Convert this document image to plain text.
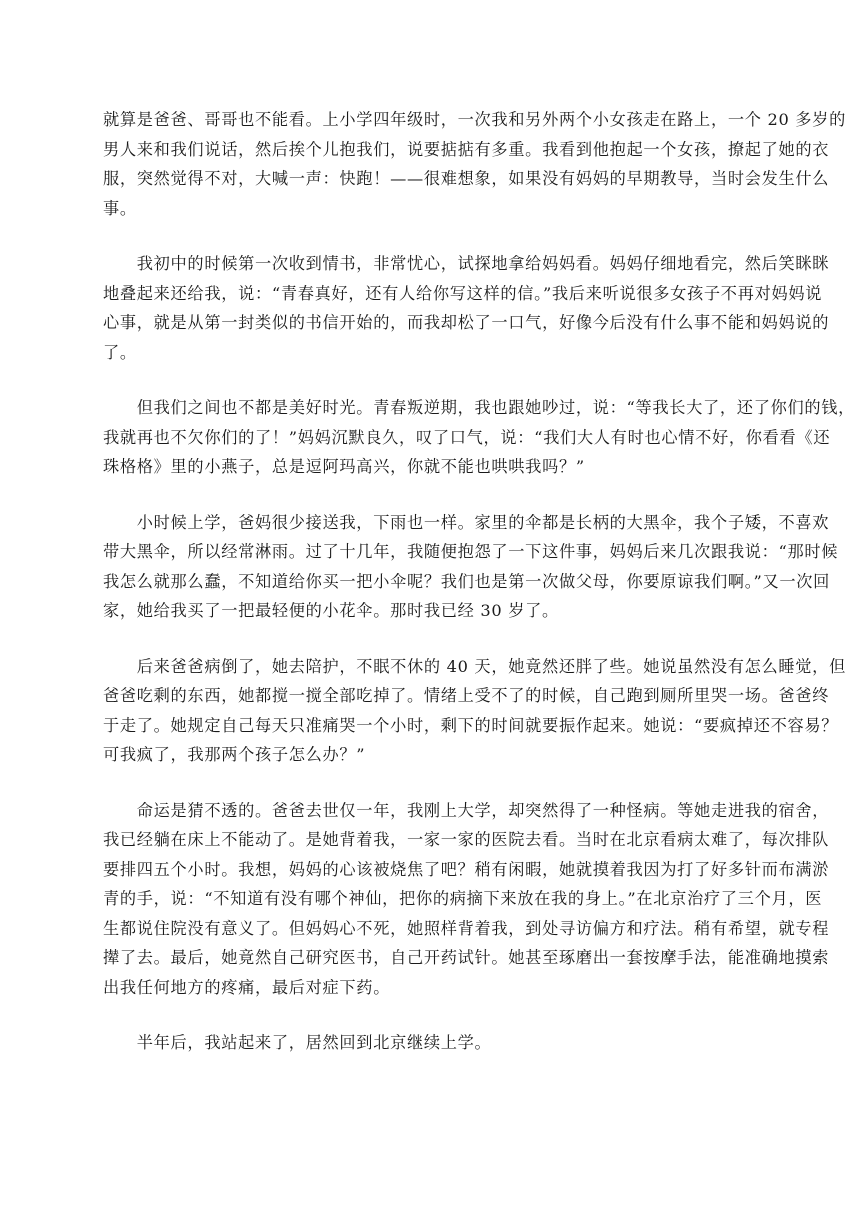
就算是爸爸、哥哥也不能看。上小学四年级时，一次我和另外两个小女孩走在路上，一个 20 多岁的
男人来和我们说话，然后挨个儿抱我们，说要掂掂有多重。我看到他抱起一个女孩，撩起了她的衣
服，突然觉得不对，大喊一声：快跑！——很难想象，如果没有妈妈的早期教导，当时会发生什么
事。
　　我初中的时候第一次收到情书，非常忧心，试探地拿给妈妈看。妈妈仔细地看完，然后笑眯眯
地叠起来还给我，说：“青春真好，还有人给你写这样的信。”我后来听说很多女孩子不再对妈妈说
心事，就是从第一封类似的书信开始的，而我却松了一口气，好像今后没有什么事不能和妈妈说的
了。
　　但我们之间也不都是美好时光。青春叛逆期，我也跟她吵过，说：“等我长大了，还了你们的钱，
我就再也不欠你们的了！”妈妈沉默良久，叹了口气，说：“我们大人有时也心情不好，你看看《还
珠格格》里的小燕子，总是逗阿玛高兴，你就不能也哄哄我吗？”
　　小时候上学，爸妈很少接送我，下雨也一样。家里的伞都是长柄的大黑伞，我个子矮，不喜欢
带大黑伞，所以经常淋雨。过了十几年，我随便抱怨了一下这件事，妈妈后来几次跟我说：“那时候
我怎么就那么蠢，不知道给你买一把小伞呢？我们也是第一次做父母，你要原谅我们啊。”又一次回
家，她给我买了一把最轻便的小花伞。那时我已经 30 岁了。
　　后来爸爸病倒了，她去陪护，不眠不休的 40 天，她竟然还胖了些。她说虽然没有怎么睡觉，但
爸爸吃剩的东西，她都搅一搅全部吃掉了。情绪上受不了的时候，自己跑到厕所里哭一场。爸爸终
于走了。她规定自己每天只准痛哭一个小时，剩下的时间就要振作起来。她说：“要疯掉还不容易？
可我疯了，我那两个孩子怎么办？”
　　命运是猜不透的。爸爸去世仅一年，我刚上大学，却突然得了一种怪病。等她走进我的宿舍，
我已经躺在床上不能动了。是她背着我，一家一家的医院去看。当时在北京看病太难了，每次排队
要排四五个小时。我想，妈妈的心该被烧焦了吧？稍有闲暇，她就摸着我因为打了好多针而布满淤
青的手，说：“不知道有没有哪个神仙，把你的病摘下来放在我的身上。”在北京治疗了三个月，医
生都说住院没有意义了。但妈妈心不死，她照样背着我，到处寻访偏方和疗法。稍有希望，就专程
撵了去。最后，她竟然自己研究医书，自己开药试针。她甚至琢磨出一套按摩手法，能准确地摸索
出我任何地方的疼痛，最后对症下药。
　　半年后，我站起来了，居然回到北京继续上学。
